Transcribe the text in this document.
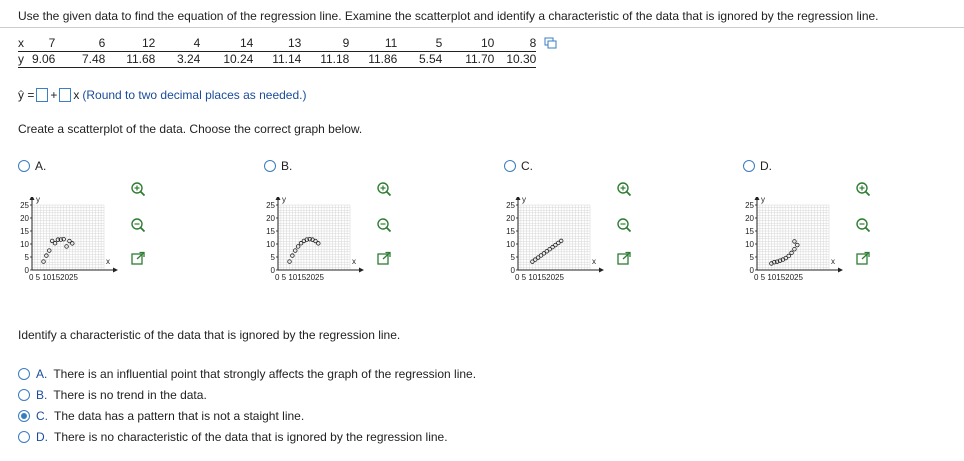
Use the given data to find the equation of the regression line. Examine the scatterplot and identify a characteristic of the data that is ignored by the regression line.
x	7	6	12	4	14	13	9	11	5	10	8
y	9.06	7.48	11.68	3.24	10.24	11.14	11.18	11.86	5.54	11.70	10.30
ŷ = + x (Round to two decimal places as needed.)
Create a scatterplot of the data. Choose the correct graph below.
A.
y
x
25
20
15
10
5
0
0 5 10152025
B.
y
x
25
20
15
10
5
0
0 5 10152025
C.
y
x
25
20
15
10
5
0
0 5 10152025
D.
y
x
25
20
15
10
5
0
0 5 10152025
Identify a characteristic of the data that is ignored by the regression line.
A. There is an influential point that strongly affects the graph of the regression line.
B. There is no trend in the data.
C. The data has a pattern that is not a staight line.
D. There is no characteristic of the data that is ignored by the regression line.
